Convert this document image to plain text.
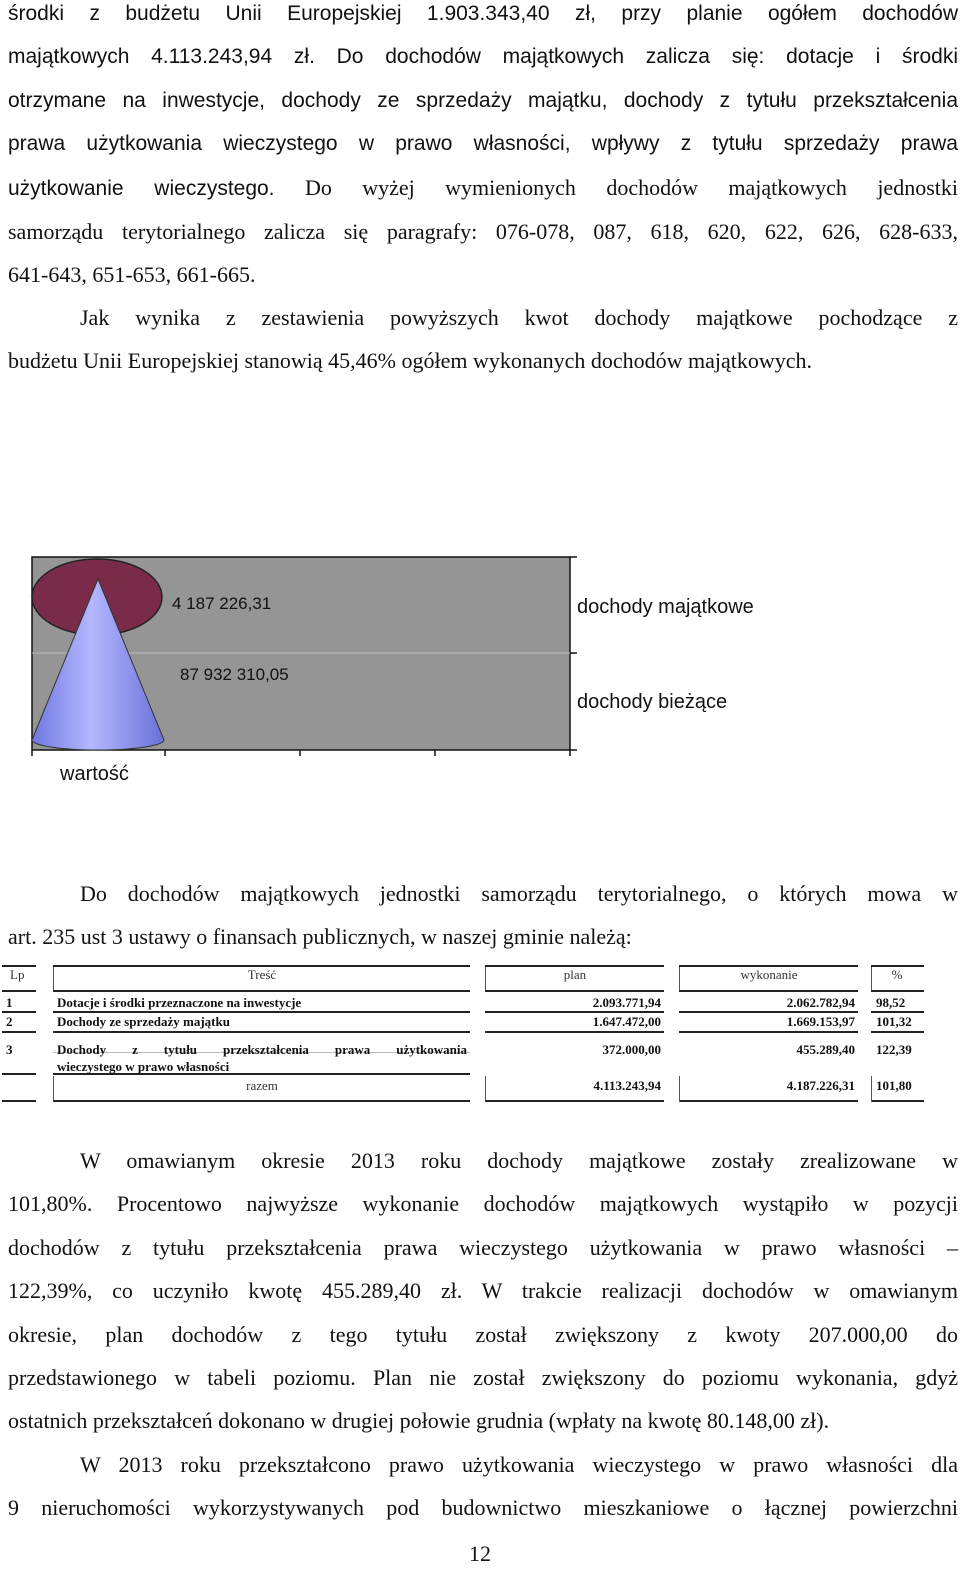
środki z budżetu Unii Europejskiej 1.903.343,40 zł, przy planie ogółem dochodów
majątkowych 4.113.243,94 zł. Do dochodów majątkowych zalicza się: dotacje i środki
otrzymane na inwestycje, dochody ze sprzedaży majątku, dochody z tytułu przekształcenia
prawa użytkowania wieczystego w prawo własności, wpływy z tytułu sprzedaży prawa
użytkowanie wieczystego. Do wyżej wymienionych dochodów majątkowych jednostki
samorządu terytorialnego zalicza się paragrafy: 076-078, 087, 618, 620, 622, 626, 628-633,
641-643, 651-653, 661-665.
Jak wynika z zestawienia powyższych kwot dochody majątkowe pochodzące z
budżetu Unii Europejskiej stanowią 45,46% ogółem wykonanych dochodów majątkowych.
4 187 226,31
87 932 310,05
dochody majątkowe
dochody bieżące
wartość
Do dochodów majątkowych jednostki samorządu terytorialnego, o których mowa w
art. 235 ust 3 ustawy o finansach publicznych, w naszej gminie należą:
Lp	Treść	plan	wykonanie	%
1	Dotacje i środki przeznaczone na inwestycje	2.093.771,94	2.062.782,94 98,52
2	Dochody ze sprzedaży majątku	1.647.472,00	1.669.153,97 101,32
3	Dochody z tytułu przekształcenia prawa użytkowania
wieczystego w prawo własności
372.000,00	455.289,40 122,39
razem	4.113.243,94	4.187.226,31 101,80
W omawianym okresie 2013 roku dochody majątkowe zostały zrealizowane w
101,80%. Procentowo najwyższe wykonanie dochodów majątkowych wystąpiło w pozycji
dochodów z tytułu przekształcenia prawa wieczystego użytkowania w prawo własności –
122,39%, co uczyniło kwotę 455.289,40 zł. W trakcie realizacji dochodów w omawianym
okresie, plan dochodów z tego tytułu został zwiększony z kwoty 207.000,00 do
przedstawionego w tabeli poziomu. Plan nie został zwiększony do poziomu wykonania, gdyż
ostatnich przekształceń dokonano w drugiej połowie grudnia (wpłaty na kwotę 80.148,00 zł).
W 2013 roku przekształcono prawo użytkowania wieczystego w prawo własności dla
9 nieruchomości wykorzystywanych pod budownictwo mieszkaniowe o łącznej powierzchni
12
